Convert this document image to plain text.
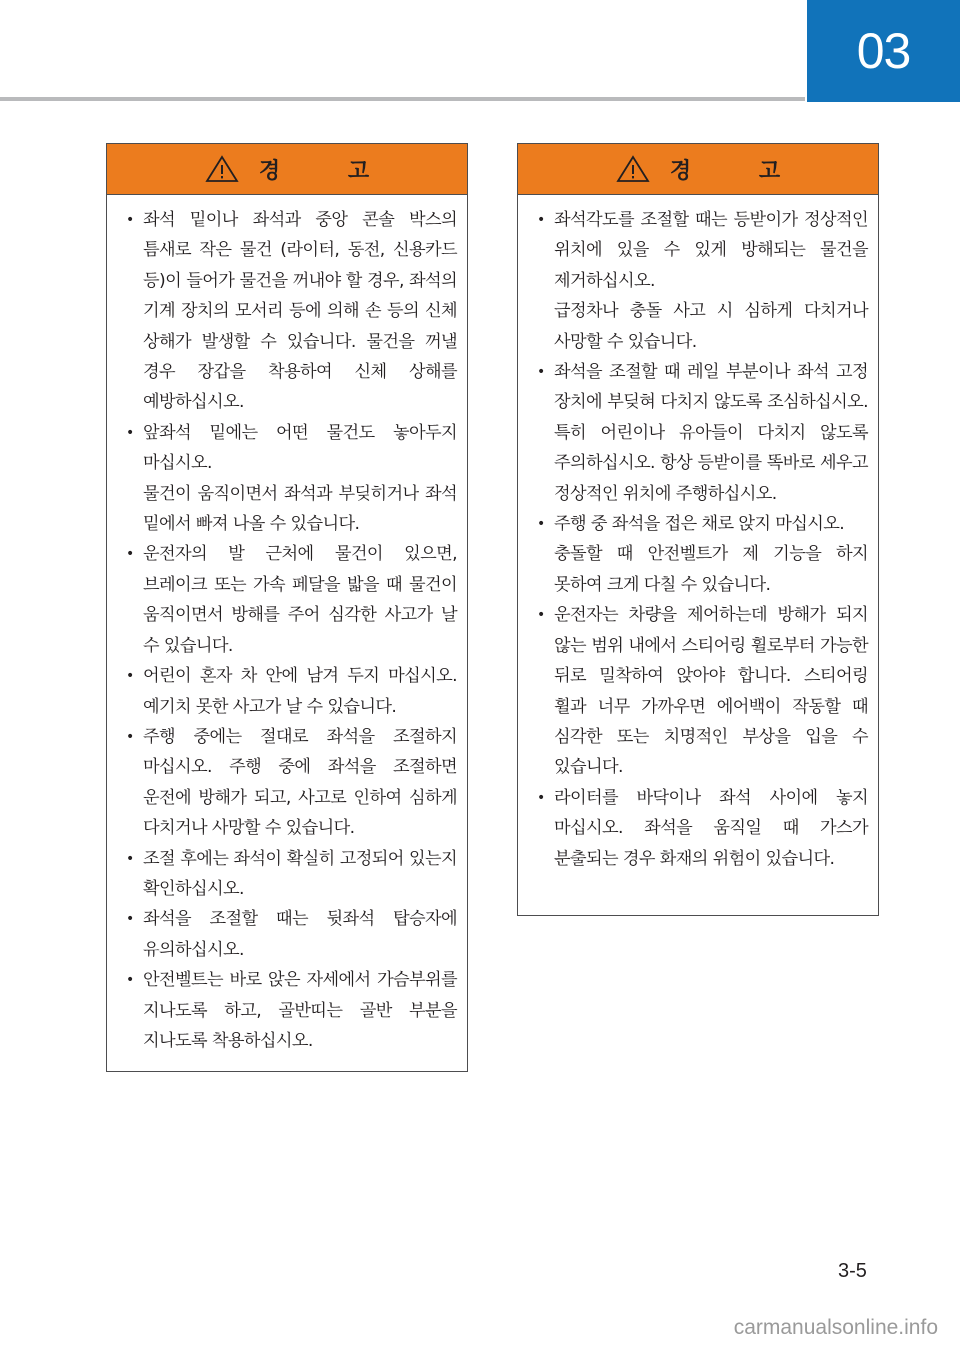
03
경 고
• 좌석 밑이나 좌석과 중앙 콘솔 박스의 틈새로 작은 물건 (라이터, 동전, 신용카드 등)이 들어가 물건을 꺼내야 할 경우, 좌석의 기계 장치의 모서리 등에 의해 손 등의 신체 상해가 발생할 수 있습니다. 물건을 꺼낼 경우 장갑을 착용하여 신체 상해를 예방하십시오.

• 앞좌석 밑에는 어떤 물건도 놓아두지 마십시오.

물건이 움직이면서 좌석과 부딪히거나 좌석 밑에서 빠져 나올 수 있습니다.

• 운전자의 발 근처에 물건이 있으면, 브레이크 또는 가속 페달을 밟을 때 물건이 움직이면서 방해를 주어 심각한 사고가 날 수 있습니다.

• 어린이 혼자 차 안에 남겨 두지 마십시오. 예기치 못한 사고가 날 수 있습니다.

• 주행 중에는 절대로 좌석을 조절하지 마십시오. 주행 중에 좌석을 조절하면 운전에 방해가 되고, 사고로 인하여 심하게 다치거나 사망할 수 있습니다.

• 조절 후에는 좌석이 확실히 고정되어 있는지 확인하십시오.

• 좌석을 조절할 때는 뒷좌석 탑승자에 유의하십시오.

• 안전벨트는 바로 앉은 자세에서 가슴부위를 지나도록 하고, 골반띠는 골반 부분을 지나도록 착용하십시오.

경 고
• 좌석각도를 조절할 때는 등받이가 정상적인 위치에 있을 수 있게 방해되는 물건을 제거하십시오.

급정차나 충돌 사고 시 심하게 다치거나 사망할 수 있습니다.

• 좌석을 조절할 때 레일 부분이나 좌석 고정 장치에 부딪혀 다치지 않도록 조심하십시오. 특히 어린이나 유아들이 다치지 않도록 주의하십시오. 항상 등받이를 똑바로 세우고 정상적인 위치에 주행하십시오.

• 주행 중 좌석을 접은 채로 앉지 마십시오.

충돌할 때 안전벨트가 제 기능을 하지 못하여 크게 다칠 수 있습니다.

• 운전자는 차량을 제어하는데 방해가 되지 않는 범위 내에서 스티어링 휠로부터 가능한 뒤로 밀착하여 앉아야 합니다. 스티어링 휠과 너무 가까우면 에어백이 작동할 때 심각한 또는 치명적인 부상을 입을 수 있습니다.

• 라이터를 바닥이나 좌석 사이에 놓지 마십시오. 좌석을 움직일 때 가스가 분출되는 경우 화재의 위험이 있습니다.

3-5
carmanualsonline.info
